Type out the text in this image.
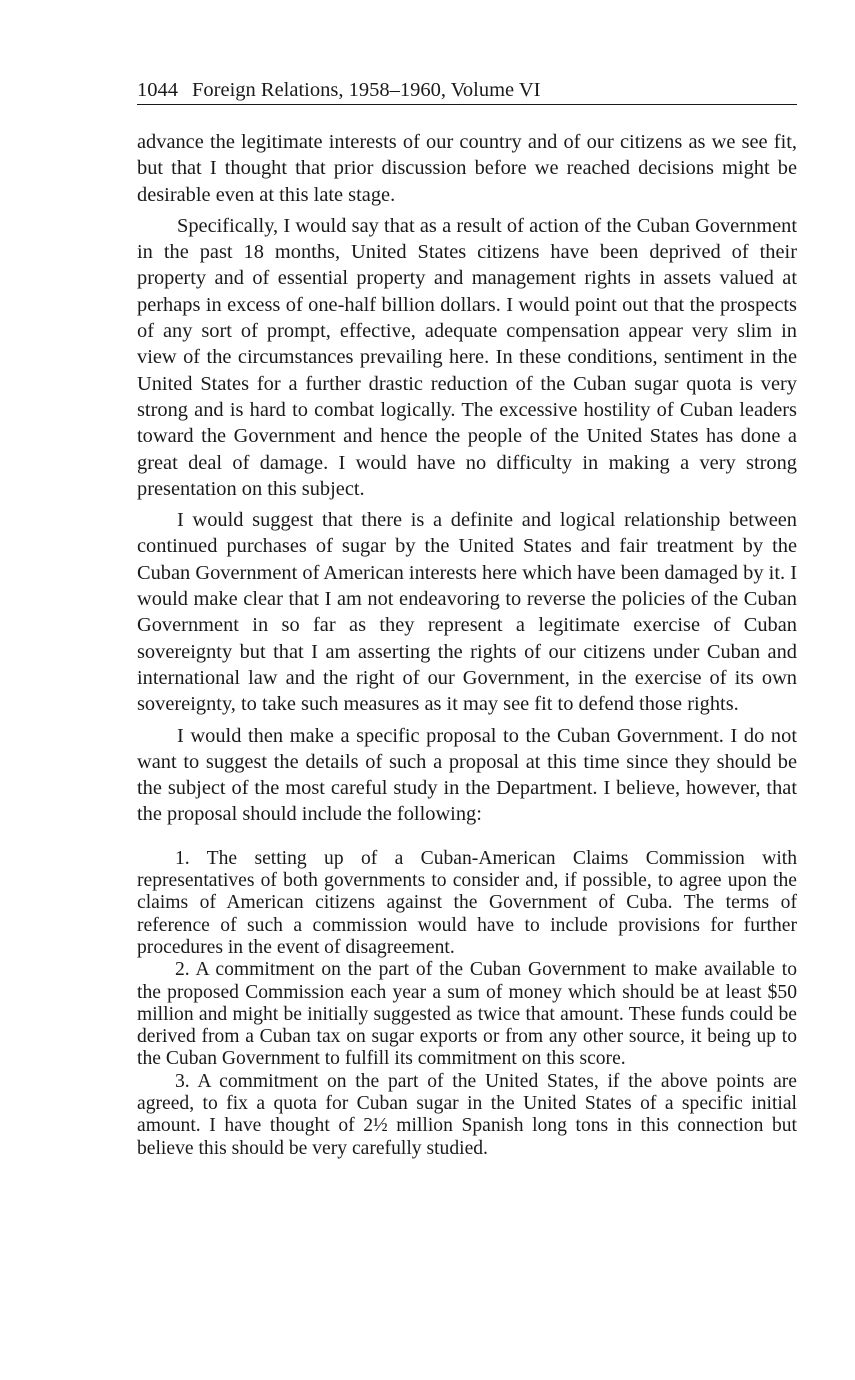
1044 Foreign Relations, 1958–1960, Volume VI

advance the legitimate interests of our country and of our citizens as we see fit, but that I thought that prior discussion before we reached decisions might be desirable even at this late stage.

Specifically, I would say that as a result of action of the Cuban Government in the past 18 months, United States citizens have been deprived of their property and of essential property and management rights in assets valued at perhaps in excess of one-half billion dollars. I would point out that the prospects of any sort of prompt, effective, adequate compensation appear very slim in view of the circumstances prevailing here. In these conditions, sentiment in the United States for a further drastic reduction of the Cuban sugar quota is very strong and is hard to combat logically. The excessive hostility of Cuban leaders toward the Government and hence the people of the United States has done a great deal of damage. I would have no difficulty in making a very strong presentation on this subject.

I would suggest that there is a definite and logical relationship between continued purchases of sugar by the United States and fair treatment by the Cuban Government of American interests here which have been damaged by it. I would make clear that I am not endeavoring to reverse the policies of the Cuban Government in so far as they represent a legitimate exercise of Cuban sovereignty but that I am asserting the rights of our citizens under Cuban and international law and the right of our Government, in the exercise of its own sovereignty, to take such measures as it may see fit to defend those rights.

I would then make a specific proposal to the Cuban Government. I do not want to suggest the details of such a proposal at this time since they should be the subject of the most careful study in the Department. I believe, however, that the proposal should include the following:

1. The setting up of a Cuban-American Claims Commission with representatives of both governments to consider and, if possible, to agree upon the claims of American citizens against the Government of Cuba. The terms of reference of such a commission would have to include provisions for further procedures in the event of disagreement.

2. A commitment on the part of the Cuban Government to make available to the proposed Commission each year a sum of money which should be at least $50 million and might be initially suggested as twice that amount. These funds could be derived from a Cuban tax on sugar exports or from any other source, it being up to the Cuban Government to fulfill its commitment on this score.

3. A commitment on the part of the United States, if the above points are agreed, to fix a quota for Cuban sugar in the United States of a specific initial amount. I have thought of 2½ million Spanish long tons in this connection but believe this should be very carefully studied.
